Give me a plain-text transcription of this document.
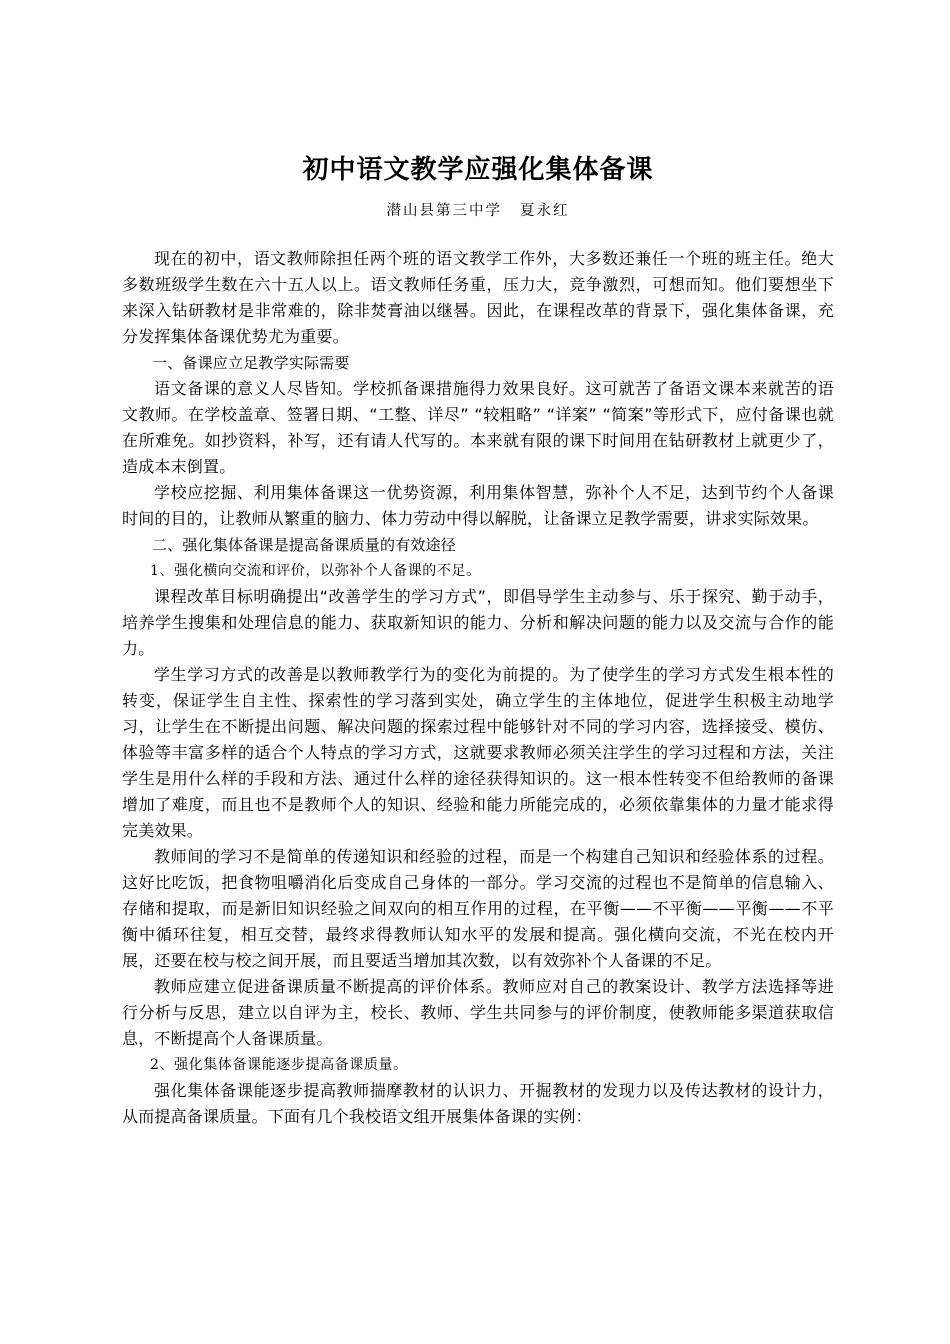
初中语文教学应强化集体备课
潜山县第三中学 夏永红

现在的初中，语文教师除担任两个班的语文教学工作外，大多数还兼任一个班的班主任。绝大多数班级学生数在六十五人以上。语文教师任务重，压力大，竞争激烈，可想而知。他们要想坐下来深入钻研教材是非常难的，除非焚膏油以继晷。因此，在课程改革的背景下，强化集体备课，充分发挥集体备课优势尤为重要。

一、备课应立足教学实际需要

语文备课的意义人尽皆知。学校抓备课措施得力效果良好。这可就苦了备语文课本来就苦的语文教师。在学校盖章、签署日期、“工整、详尽” “较粗略” “详案” “简案”等形式下，应付备课也就在所难免。如抄资料，补写，还有请人代写的。本来就有限的课下时间用在钻研教材上就更少了，造成本末倒置。

学校应挖掘、利用集体备课这一优势资源，利用集体智慧，弥补个人不足，达到节约个人备课时间的目的，让教师从繁重的脑力、体力劳动中得以解脱，让备课立足教学需要，讲求实际效果。

二、强化集体备课是提高备课质量的有效途径

1、强化横向交流和评价，以弥补个人备课的不足。

课程改革目标明确提出“改善学生的学习方式”，即倡导学生主动参与、乐于探究、勤于动手，培养学生搜集和处理信息的能力、获取新知识的能力、分析和解决问题的能力以及交流与合作的能力。

学生学习方式的改善是以教师教学行为的变化为前提的。为了使学生的学习方式发生根本性的转变，保证学生自主性、探索性的学习落到实处，确立学生的主体地位，促进学生积极主动地学习，让学生在不断提出问题、解决问题的探索过程中能够针对不同的学习内容，选择接受、模仿、体验等丰富多样的适合个人特点的学习方式，这就要求教师必须关注学生的学习过程和方法，关注学生是用什么样的手段和方法、通过什么样的途径获得知识的。这一根本性转变不但给教师的备课增加了难度，而且也不是教师个人的知识、经验和能力所能完成的，必须依靠集体的力量才能求得完美效果。

教师间的学习不是简单的传递知识和经验的过程，而是一个构建自己知识和经验体系的过程。这好比吃饭，把食物咀嚼消化后变成自己身体的一部分。学习交流的过程也不是简单的信息输入、存储和提取，而是新旧知识经验之间双向的相互作用的过程，在平衡——不平衡——平衡——不平衡中循环往复，相互交替，最终求得教师认知水平的发展和提高。强化横向交流，不光在校内开展，还要在校与校之间开展，而且要适当增加其次数，以有效弥补个人备课的不足。

教师应建立促进备课质量不断提高的评价体系。教师应对自己的教案设计、教学方法选择等进行分析与反思，建立以自评为主，校长、教师、学生共同参与的评价制度，使教师能多渠道获取信息，不断提高个人备课质量。

2、强化集体备课能逐步提高备课质量。

强化集体备课能逐步提高教师揣摩教材的认识力、开掘教材的发现力以及传达教材的设计力，从而提高备课质量。下面有几个我校语文组开展集体备课的实例：
